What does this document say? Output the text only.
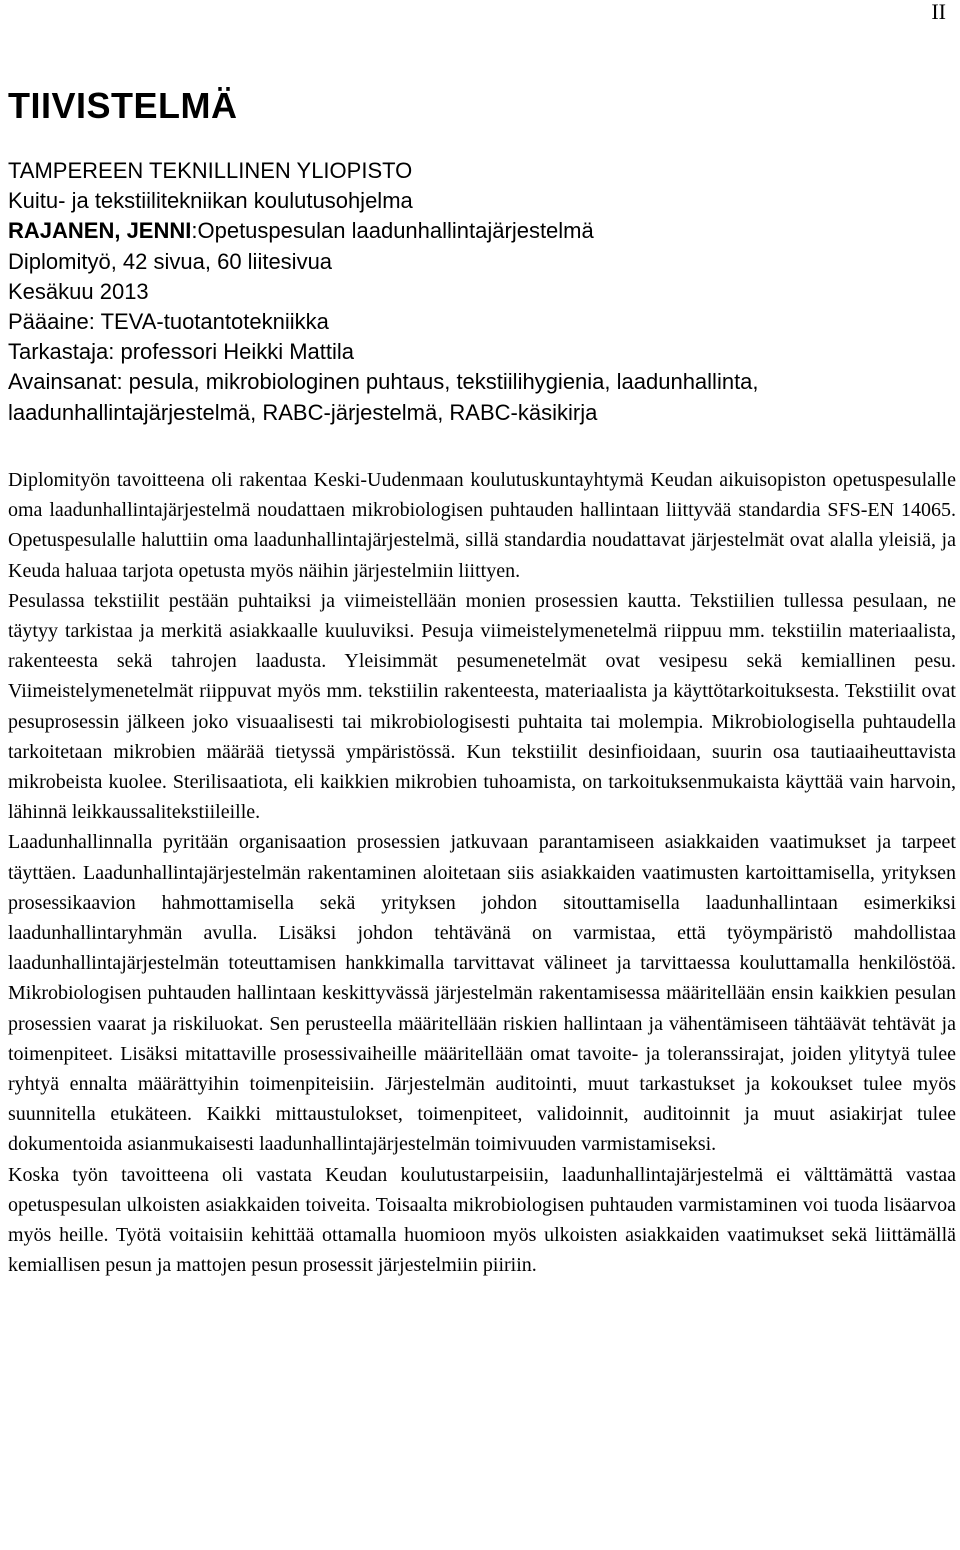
II
TIIVISTELMÄ
TAMPEREEN TEKNILLINEN YLIOPISTO
Kuitu- ja tekstiilitekniikan koulutusohjelma
RAJANEN, JENNI:Opetuspesulan laadunhallintajärjestelmä
Diplomityö, 42 sivua, 60 liitesivua
Kesäkuu 2013
Pääaine: TEVA-tuotantotekniikka
Tarkastaja: professori Heikki Mattila
Avainsanat: pesula, mikrobiologinen puhtaus, tekstiilihygienia, laadunhallinta,
laadunhallintajärjestelmä, RABC-järjestelmä, RABC-käsikirja

Diplomityön tavoitteena oli rakentaa Keski-Uudenmaan koulutuskuntayhtymä Keudan aikuisopiston opetuspesulalle oma laadunhallintajärjestelmä noudattaen mikrobiologisen puhtauden hallintaan liittyvää standardia SFS-EN 14065. Opetuspesulalle haluttiin oma laadunhallintajärjestelmä, sillä standardia noudattavat järjestelmät ovat alalla yleisiä, ja Keuda haluaa tarjota opetusta myös näihin järjestelmiin liittyen.

Pesulassa tekstiilit pestään puhtaiksi ja viimeistellään monien prosessien kautta. Tekstiilien tullessa pesulaan, ne täytyy tarkistaa ja merkitä asiakkaalle kuuluviksi. Pesuja viimeistelymenetelmä riippuu mm. tekstiilin materiaalista, rakenteesta sekä tahrojen laadusta. Yleisimmät pesumenetelmät ovat vesipesu sekä kemiallinen pesu. Viimeistelymenetelmät riippuvat myös mm. tekstiilin rakenteesta, materiaalista ja käyttötarkoituksesta. Tekstiilit ovat pesuprosessin jälkeen joko visuaalisesti tai mikrobiologisesti puhtaita tai molempia. Mikrobiologisella puhtaudella tarkoitetaan mikrobien määrää tietyssä ympäristössä. Kun tekstiilit desinfioidaan, suurin osa tautiaaiheuttavista mikrobeista kuolee. Sterilisaatiota, eli kaikkien mikrobien tuhoamista, on tarkoituksenmukaista käyttää vain harvoin, lähinnä leikkaussalitekstiileille.

Laadunhallinnalla pyritään organisaation prosessien jatkuvaan parantamiseen asiakkaiden vaatimukset ja tarpeet täyttäen. Laadunhallintajärjestelmän rakentaminen aloitetaan siis asiakkaiden vaatimusten kartoittamisella, yrityksen prosessikaavion hahmottamisella sekä yrityksen johdon sitouttamisella laadunhallintaan esimerkiksi laadunhallintaryhmän avulla. Lisäksi johdon tehtävänä on varmistaa, että työympäristö mahdollistaa laadunhallintajärjestelmän toteuttamisen hankkimalla tarvittavat välineet ja tarvittaessa kouluttamalla henkilöstöä. Mikrobiologisen puhtauden hallintaan keskittyvässä järjestelmän rakentamisessa määritellään ensin kaikkien pesulan prosessien vaarat ja riskiluokat. Sen perusteella määritellään riskien hallintaan ja vähentämiseen tähtäävät tehtävät ja toimenpiteet. Lisäksi mitattaville prosessivaiheille määritellään omat tavoite- ja toleranssirajat, joiden ylitytyä tulee ryhtyä ennalta määrättyihin toimenpiteisiin. Järjestelmän auditointi, muut tarkastukset ja kokoukset tulee myös suunnitella etukäteen. Kaikki mittaustulokset, toimenpiteet, validoinnit, auditoinnit ja muut asiakirjat tulee dokumentoida asianmukaisesti laadunhallintajärjestelmän toimivuuden varmistamiseksi.

Koska työn tavoitteena oli vastata Keudan koulutustarpeisiin, laadunhallintajärjestelmä ei välttämättä vastaa opetuspesulan ulkoisten asiakkaiden toiveita. Toisaalta mikrobiologisen puhtauden varmistaminen voi tuoda lisäarvoa myös heille. Työtä voitaisiin kehittää ottamalla huomioon myös ulkoisten asiakkaiden vaatimukset sekä liittämällä kemiallisen pesun ja mattojen pesun prosessit järjestelmiin piiriin.
